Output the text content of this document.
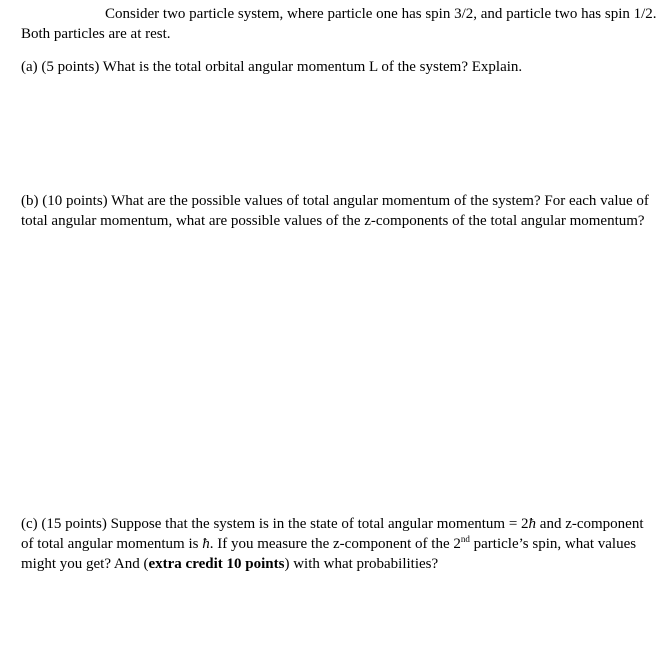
Consider two particle system, where particle one has spin 3/2, and particle two has spin 1/2.
Both particles are at rest.
(a) (5 points) What is the total orbital angular momentum L of the system? Explain.
(b) (10 points) What are the possible values of total angular momentum of the system? For each value of
total angular momentum, what are possible values of the z-components of the total angular momentum?
(c) (15 points) Suppose that the system is in the state of total angular momentum = 2ħ and z-component
of total angular momentum is ħ. If you measure the z-component of the 2nd particle’s spin, what values
might you get? And (extra credit 10 points) with what probabilities?
